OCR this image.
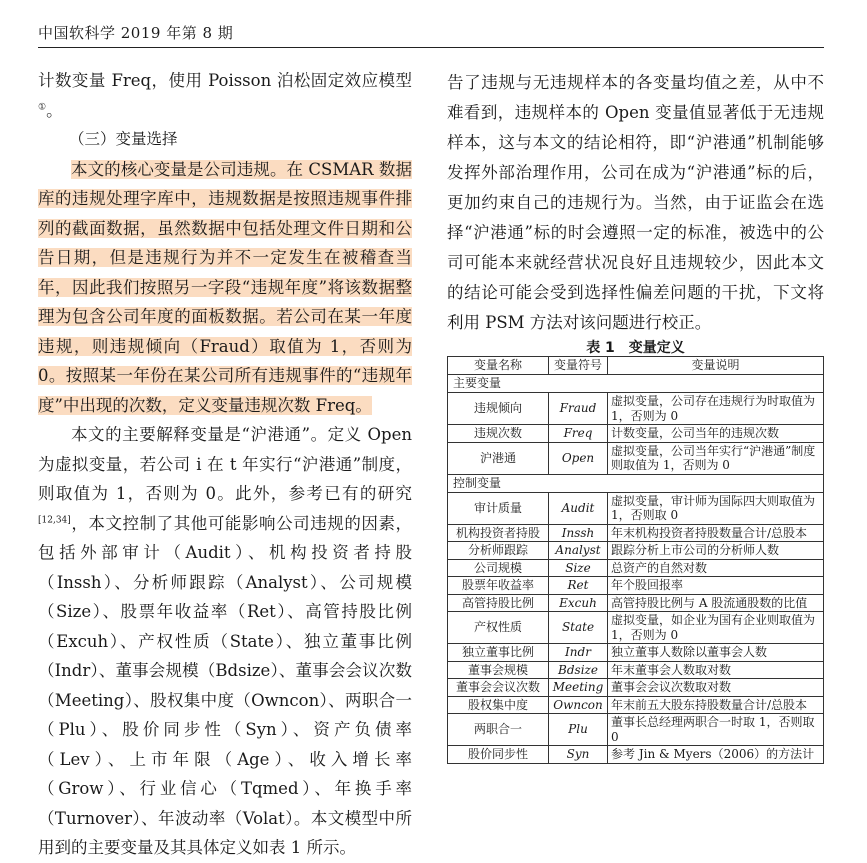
中国软科学 2019 年第 8 期

计数变量 Freq，使用 Poisson 泊松固定效应模型①。

（三）变量选择

本文的核心变量是公司违规。在 CSMAR 数据库的违规处理字库中，违规数据是按照违规事件排列的截面数据，虽然数据中包括处理文件日期和公告日期，但是违规行为并不一定发生在被稽查当年，因此我们按照另一字段“违规年度”将该数据整理为包含公司年度的面板数据。若公司在某一年度违规，则违规倾向（Fraud）取值为 1，否则为 0。按照某一年份在某公司所有违规事件的“违规年度”中出现的次数，定义变量违规次数 Freq。

本文的主要解释变量是“沪港通”。定义 Open 为虚拟变量，若公司 i 在 t 年实行“沪港通”制度，则取值为 1，否则为 0。此外，参考已有的研究[12,34]，本文控制了其他可能影响公司违规的因素，包括外部审计（Audit）、机构投资者持股（Inssh）、分析师跟踪（Analyst）、公司规模（Size）、股票年收益率（Ret）、高管持股比例（Excuh）、产权性质（State）、独立董事比例（Indr）、董事会规模（Bdsize）、董事会会议次数（Meeting）、股权集中度（Owncon）、两职合一（Plu）、股价同步性（Syn）、资产负债率（Lev）、上市年限（Age）、收入增长率（Grow）、行业信心（Tqmed）、年换手率（Turnover）、年波动率（Volat）。本文模型中所用到的主要变量及其具体定义如表 1 所示。

告了违规与无违规样本的各变量均值之差，从中不难看到，违规样本的 Open 变量值显著低于无违规样本，这与本文的结论相符，即“沪港通”机制能够发挥外部治理作用，公司在成为“沪港通”标的后，更加约束自己的违规行为。当然，由于证监会在选择“沪港通”标的时会遵照一定的标准，被选中的公司可能本来就经营状况良好且违规较少，因此本文的结论可能会受到选择性偏差问题的干扰，下文将利用 PSM 方法对该问题进行校正。

表 1　变量定义
变量名称	变量符号	变量说明
主要变量		
违规倾向	Fraud	虚拟变量，公司存在违规行为时取值为 1，否则为 0
违规次数	Freq	计数变量，公司当年的违规次数
沪港通	Open	虚拟变量，公司当年实行“沪港通”制度则取值为 1，否则为 0
控制变量		
审计质量	Audit	虚拟变量，审计师为国际四大则取值为 1，否则取 0
机构投资者持股	Inssh	年末机构投资者持股数量合计/总股本
分析师跟踪	Analyst	跟踪分析上市公司的分析师人数
公司规模	Size	总资产的自然对数
股票年收益率	Ret	年个股回报率
高管持股比例	Excuh	高管持股比例与 A 股流通股数的比值
产权性质	State	虚拟变量，如企业为国有企业则取值为 1，否则为 0
独立董事比例	Indr	独立董事人数除以董事会人数
董事会规模	Bdsize	年末董事会人数取对数
董事会会议次数	Meeting	董事会会议次数取对数
股权集中度	Owncon	年末前五大股东持股数量合计/总股本
两职合一	Plu	董事长总经理两职合一时取 1，否则取 0
股价同步性	Syn	参考 Jin & Myers（2006）的方法计
